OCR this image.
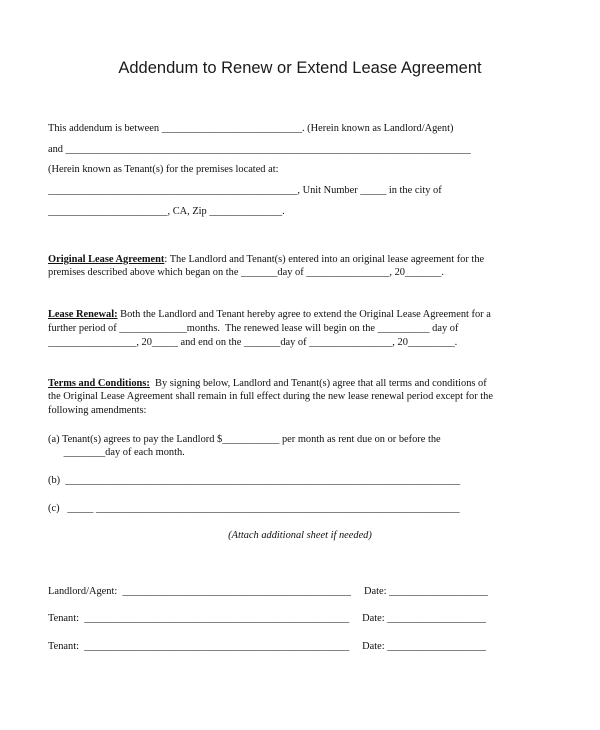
Addendum to Renew or Extend Lease Agreement
This addendum is between ___________________________. (Herein known as Landlord/Agent)
and ______________________________________________________________________________
(Herein known as Tenant(s) for the premises located at:
________________________________________________, Unit Number _____ in the city of
_______________________, CA, Zip ______________.
Original Lease Agreement: The Landlord and Tenant(s) entered into an original lease agreement for the
premises described above which began on the _______day of ________________, 20_______.
Lease Renewal: Both the Landlord and Tenant hereby agree to extend the Original Lease Agreement for a
further period of _____________months.  The renewed lease will begin on the __________ day of
_________________, 20_____ and end on the _______day of ________________, 20_________.
Terms and Conditions:  By signing below, Landlord and Tenant(s) agree that all terms and conditions of
the Original Lease Agreement shall remain in full effect during the new lease renewal period except for the
following amendments:
(a) Tenant(s) agrees to pay the Landlord $___________ per month as rent due on or before the
________day of each month.
(b)  ____________________________________________________________________________
(c)   _____ ______________________________________________________________________
(Attach additional sheet if needed)
Landlord/Agent:  ____________________________________________     Date: ___________________
Tenant:  ___________________________________________________     Date: ___________________
Tenant:  ___________________________________________________     Date: ___________________
